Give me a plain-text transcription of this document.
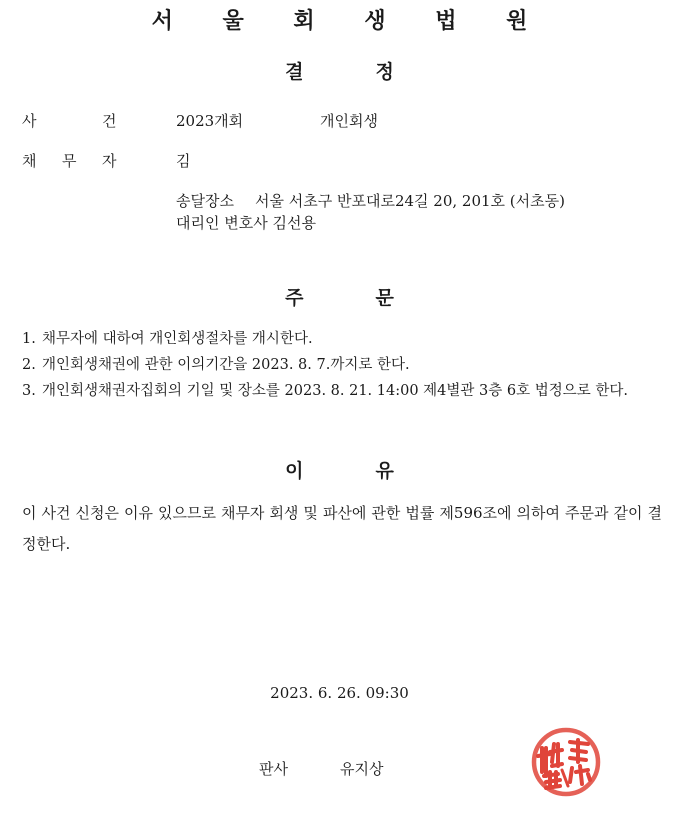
서 울 회 생 법 원
결	정
사	건	2023개회	개인회생
채 무 자	김
송달장소 서울 서초구 반포대로24길 20, 201호 (서초동)
대리인 변호사 김선용
주	문
1. 채무자에 대하여 개인회생절차를 개시한다.
2. 개인회생채권에 관한 이의기간을 2023. 8. 7.까지로 한다.
3. 개인회생채권자집회의 기일 및 장소를 2023. 8. 21. 14:00 제4별관 3층 6호 법정으로 한다.
이	유
이 사건 신청은 이유 있으므로 채무자 회생 및 파산에 관한 법률 제596조에 의하여 주문과 같이 결정한다.
2023. 6. 26. 09:30
판사	유지상
